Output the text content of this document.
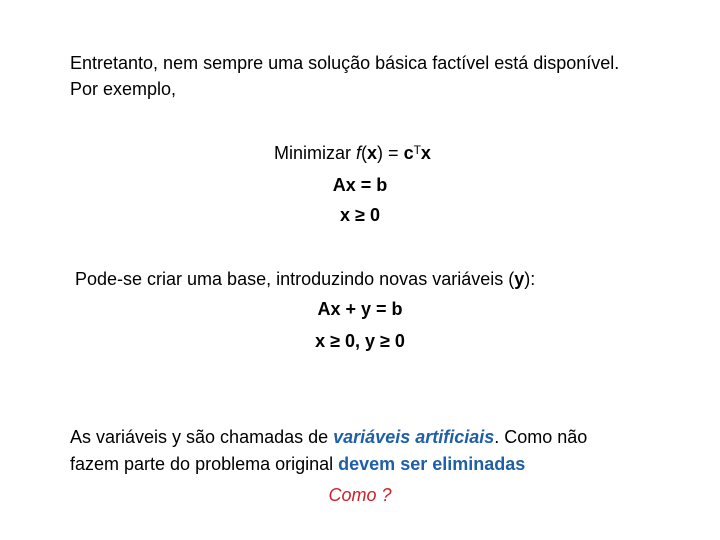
Entretanto, nem sempre uma solução básica factível está disponível.
Por exemplo,
Minimizar $f(x) = c^Tx$
Ax = b
x ≥ 0
Pode-se criar uma base, introduzindo novas variáveis (y):
Ax + y = b
x ≥ 0, y ≥ 0
As variáveis y são chamadas de variáveis artificiais. Como não
fazem parte do problema original devem ser eliminadas
Como ?
